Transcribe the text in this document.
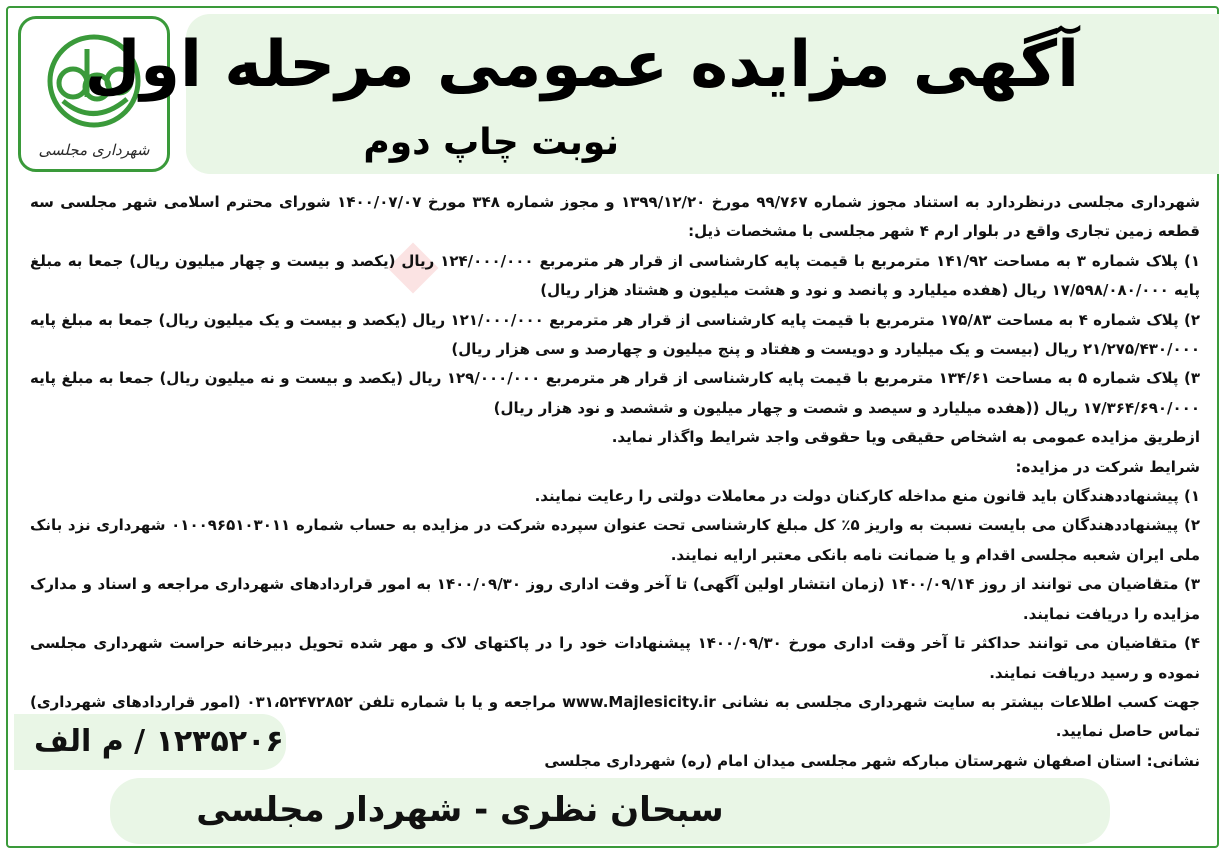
شهرداری مجلسی
آگهی مزایده عمومی مرحله اول
نوبت چاپ دوم

شهرداری مجلسی درنظردارد به استناد مجوز شماره ۹۹/۷۶۷ مورخ ۱۳۹۹/۱۲/۲۰ و مجوز شماره ۳۴۸ مورخ ۱۴۰۰/۰۷/۰۷ شورای محترم اسلامی شهر مجلسی سه قطعه زمین تجاری واقع در بلوار ارم ۴ شهر مجلسی با مشخصات ذیل:

۱) پلاک شماره ۳ به مساحت ۱۴۱/۹۲ مترمربع با قیمت پایه کارشناسی از قرار هر مترمربع ۱۲۴/۰۰۰/۰۰۰ ریال (یکصد و بیست و چهار میلیون ریال) جمعا به مبلغ پایه ۱۷/۵۹۸/۰۸۰/۰۰۰ ریال (هفده میلیارد و پانصد و نود و هشت میلیون و هشتاد هزار ریال)

۲) پلاک شماره ۴ به مساحت ۱۷۵/۸۳ مترمربع با قیمت پایه کارشناسی از قرار هر مترمربع ۱۲۱/۰۰۰/۰۰۰ ریال (یکصد و بیست و یک میلیون ریال) جمعا به مبلغ پایه ۲۱/۲۷۵/۴۳۰/۰۰۰ ریال (بیست و یک میلیارد و دویست و هفتاد و پنج میلیون و چهارصد و سی هزار ریال)

۳) پلاک شماره ۵ به مساحت ۱۳۴/۶۱ مترمربع با قیمت پایه کارشناسی از قرار هر مترمربع ۱۲۹/۰۰۰/۰۰۰ ریال (یکصد و بیست و نه میلیون ریال) جمعا به مبلغ پایه ۱۷/۳۶۴/۶۹۰/۰۰۰ ریال ((هفده میلیارد و سیصد و شصت و چهار میلیون و ششصد و نود هزار ریال)

ازطریق مزایده عمومی به اشخاص حقیقی ویا حقوقی واجد شرایط واگذار نماید.

شرایط شرکت در مزایده:

۱) پیشنهاددهندگان باید قانون منع مداخله کارکنان دولت در معاملات دولتی را رعایت نمایند.

۲) پیشنهاددهندگان می بایست نسبت به واریز ۵٪ کل مبلغ کارشناسی تحت عنوان سپرده شرکت در مزایده به حساب شماره ۰۱۰۰۹۶۵۱۰۳۰۱۱ شهرداری نزد بانک ملی ایران شعبه مجلسی اقدام و یا ضمانت نامه بانکی معتبر ارایه نمایند.

۳) متقاضیان می توانند از روز ۱۴۰۰/۰۹/۱۴ (زمان انتشار اولین آگهی) تا آخر وقت اداری روز ۱۴۰۰/۰۹/۳۰ به امور قراردادهای شهرداری مراجعه و اسناد و مدارک مزایده را دریافت نمایند.

۴) متقاضیان می توانند حداکثر تا آخر وقت اداری مورخ ۱۴۰۰/۰۹/۳۰ پیشنهادات خود را در پاکتهای لاک و مهر شده تحویل دبیرخانه حراست شهرداری مجلسی نموده و رسید دریافت نمایند.

جهت کسب اطلاعات بیشتر به سایت شهرداری مجلسی به نشانی www.Majlesicity.ir مراجعه و یا با شماره تلفن ۰۳۱،۵۲۴۷۲۸۵۲ (امور قراردادهای شهرداری) تماس حاصل نمایید.

نشانی: استان اصفهان شهرستان مبارکه شهر مجلسی میدان امام (ره) شهرداری مجلسی

۱۲۳۵۲۰۶ / م الف
سبحان نظری - شهردار مجلسی
